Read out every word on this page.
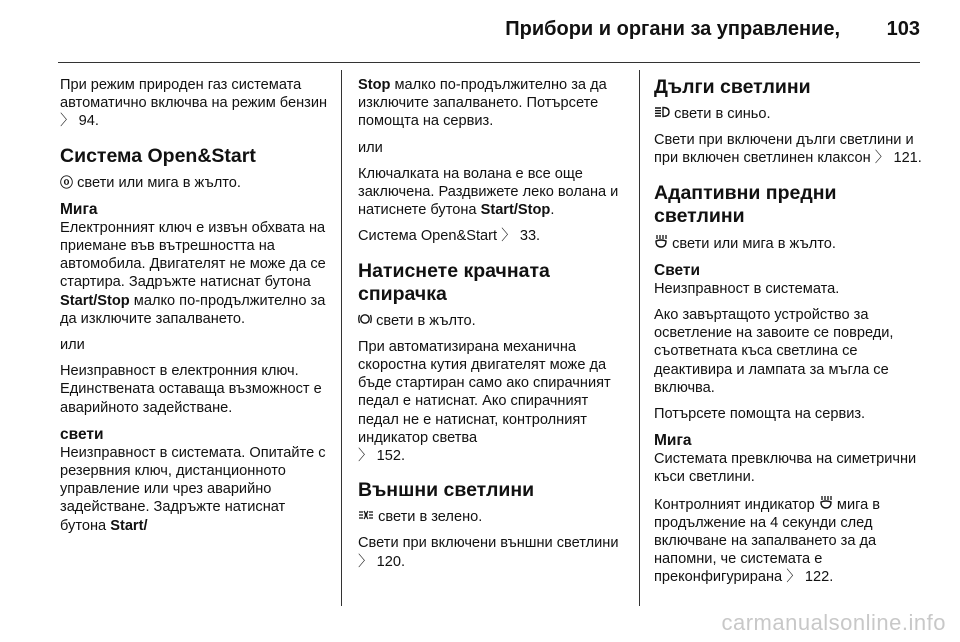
Прибори и органи за управление, 103

При режим природен газ системата автоматично включва на режим бензин 〉 94.

Система Open&Start

ⓞ свети или мига в жълто.

Мига

Електронният ключ е извън обхвата на приемане във вътрешността на автомобила. Двигателят не може да се стартира. Задръжте натиснат бутона Start/Stop малко по-продължително за да изключите запалването.

или

Неизправност в електронния ключ. Единствената оставаща възможност е аварийното задействане.

свети

Неизправност в системата. Опитайте с резервния ключ, дистанционното управление или чрез аварийно задействане. Задръжте натиснат бутона Start/

Stop малко по-продължително за да изключите запалването. Потърсете помощта на сервиз.

или

Ключалката на волана е все още заключена. Раздвижете леко волана и натиснете бутона Start/Stop.

Система Open&Start 〉 33.

Натиснете крачната спирачка

свети в жълто.

При автоматизирана механична скоростна кутия двигателят може да бъде стартиран само ако спирачният педал е натиснат. Ако спирачният педал не е натиснат, контролният индикатор светва
〉 152.

Външни светлини

свети в зелено.

Свети при включени външни светлини 〉 120.

Дълги светлини

свети в синьо.

Свети при включени дълги светлини и при включен светлинен клаксон 〉 121.

Адаптивни предни светлини

свети или мига в жълто.

Свети

Неизправност в системата.

Ако завъртащото устройство за осветление на завоите се повреди, съответната къса светлина се деактивира и лампата за мъгла се включва.

Потърсете помощта на сервиз.

Мига

Системата превключва на симетрични къси светлини.

Контролният индикатор мига в продължение на 4 секунди след включване на запалването за да напомни, че системата е преконфигурирана 〉 122.

carmanualsonline.info
